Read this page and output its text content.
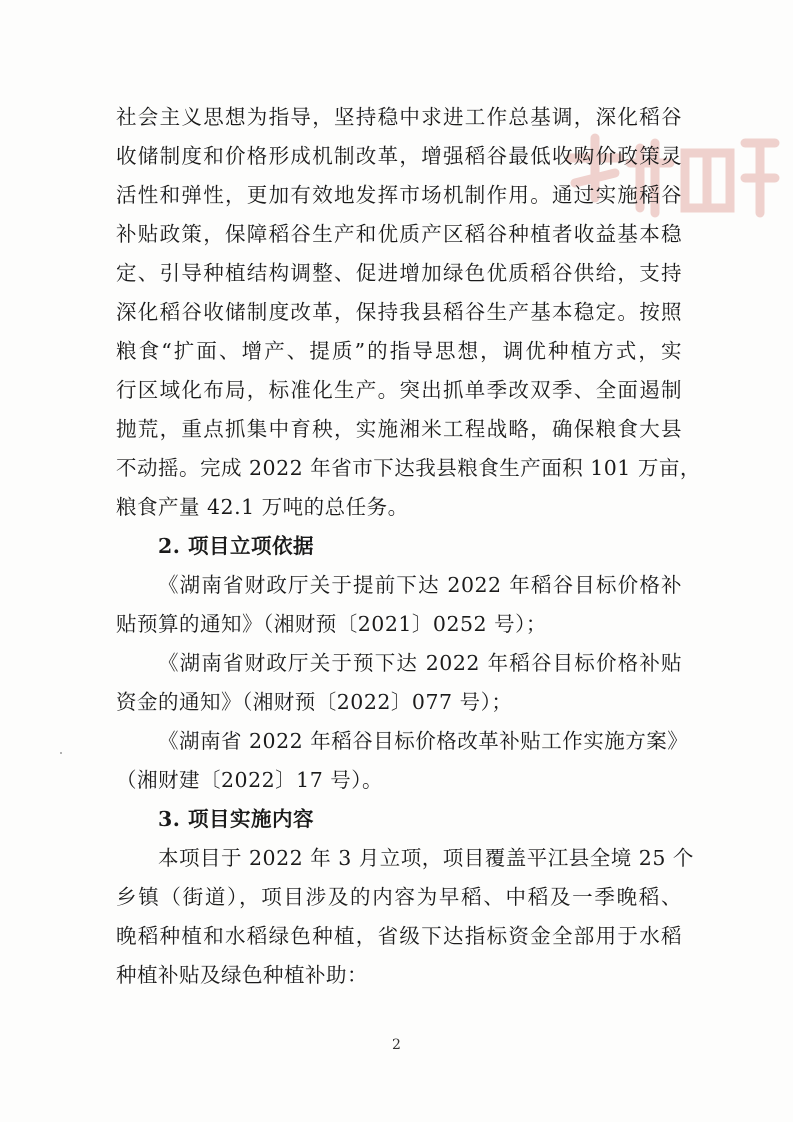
社会主义思想为指导，坚持稳中求进工作总基调，深化稻谷
收储制度和价格形成机制改革，增强稻谷最低收购价政策灵
活性和弹性，更加有效地发挥市场机制作用。通过实施稻谷
补贴政策，保障稻谷生产和优质产区稻谷种植者收益基本稳
定、引导种植结构调整、促进增加绿色优质稻谷供给，支持
深化稻谷收储制度改革，保持我县稻谷生产基本稳定。按照
粮食“扩面、增产、提质”的指导思想，调优种植方式，实
行区域化布局，标准化生产。突出抓单季改双季、全面遏制
抛荒，重点抓集中育秧，实施湘米工程战略，确保粮食大县
不动摇。完成 2022 年省市下达我县粮食生产面积 101 万亩，
粮食产量 42.1 万吨的总任务。
2. 项目立项依据
《湖南省财政厅关于提前下达 2022 年稻谷目标价格补
贴预算的通知》（湘财预〔2021〕0252 号）；
《湖南省财政厅关于预下达 2022 年稻谷目标价格补贴
资金的通知》（湘财预〔2022〕077 号）；
《湖南省 2022 年稻谷目标价格改革补贴工作实施方案》
（湘财建〔2022〕17 号）。
3. 项目实施内容
本项目于 2022 年 3 月立项，项目覆盖平江县全境 25 个
乡镇（街道），项目涉及的内容为早稻、中稻及一季晚稻、
晚稻种植和水稻绿色种植，省级下达指标资金全部用于水稻
种植补贴及绿色种植补助：
2
